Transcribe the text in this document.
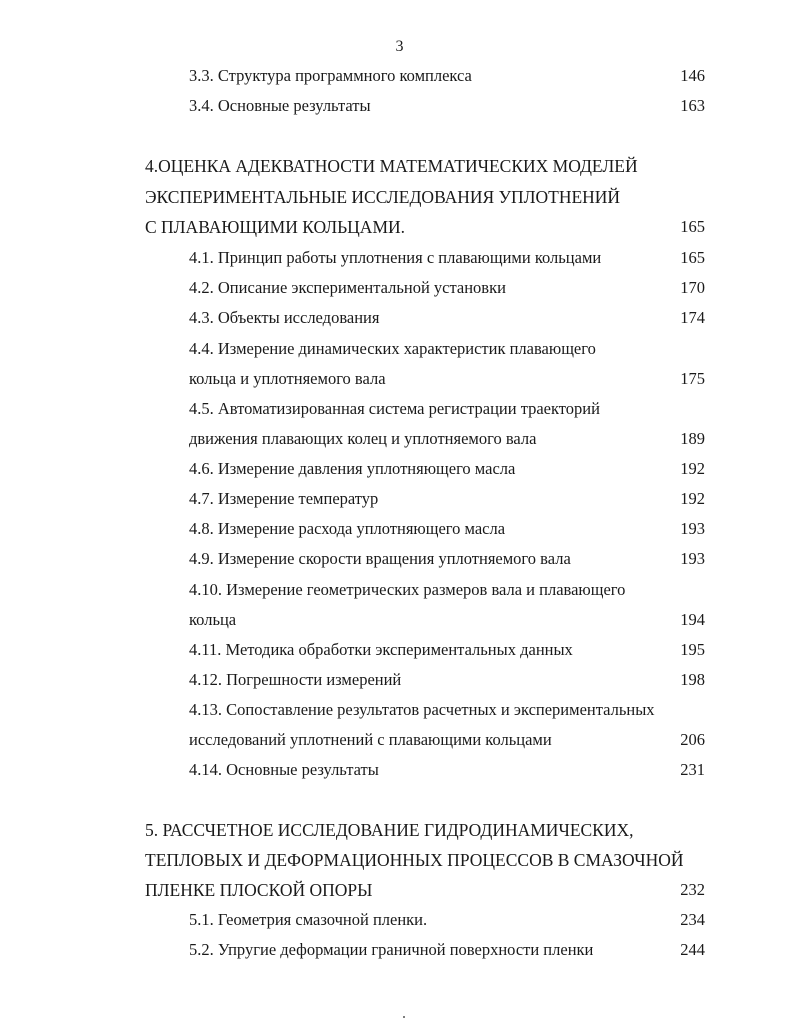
3
3.3. Структура программного комплекса	146
3.4. Основные результаты	163
4.ОЦЕНКА АДЕКВАТНОСТИ МАТЕМАТИЧЕСКИХ МОДЕЛЕЙ
ЭКСПЕРИМЕНТАЛЬНЫЕ ИССЛЕДОВАНИЯ УПЛОТНЕНИЙ
С ПЛАВАЮЩИМИ КОЛЬЦАМИ.	165
4.1. Принцип работы уплотнения с плавающими кольцами	165
4.2. Описание экспериментальной установки	170
4.3. Объекты исследования	174
4.4. Измерение динамических характеристик плавающего
кольца и уплотняемого вала	175
4.5. Автоматизированная система регистрации траекторий
движения плавающих колец и уплотняемого вала	189
4.6. Измерение давления уплотняющего масла	192
4.7. Измерение температур	192
4.8. Измерение расхода уплотняющего масла	193
4.9. Измерение скорости вращения уплотняемого вала	193
4.10. Измерение геометрических размеров вала и плавающего
кольца	194
4.11. Методика обработки экспериментальных данных	195
4.12. Погрешности измерений	198
4.13. Сопоставление результатов расчетных и экспериментальных
исследований уплотнений с плавающими кольцами	206
4.14. Основные результаты	231
5. РАССЧЕТНОЕ ИССЛЕДОВАНИЕ ГИДРОДИНАМИЧЕСКИХ,
ТЕПЛОВЫХ И ДЕФОРМАЦИОННЫХ ПРОЦЕССОВ В СМАЗОЧНОЙ
ПЛЕНКЕ ПЛОСКОЙ ОПОРЫ	232
5.1. Геометрия смазочной пленки.	234
5.2. Упругие деформации граничной поверхности пленки	244
